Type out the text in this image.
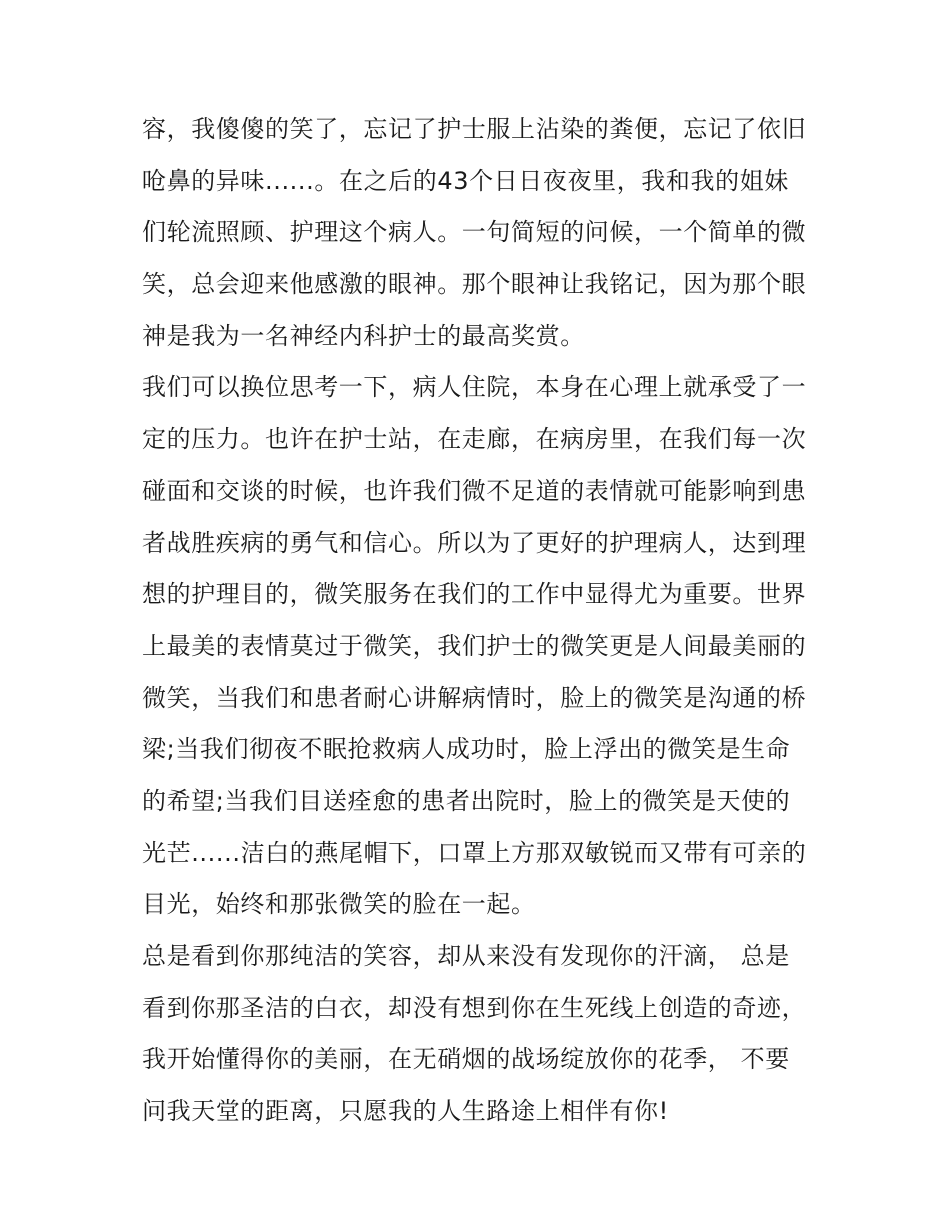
容，我傻傻的笑了，忘记了护士服上沾染的粪便，忘记了依旧
呛鼻的异味......。在之后的43个日日夜夜里，我和我的姐妹
们轮流照顾、护理这个病人。一句简短的问候，一个简单的微
笑，总会迎来他感激的眼神。那个眼神让我铭记，因为那个眼
神是我为一名神经内科护士的最高奖赏。
我们可以换位思考一下，病人住院，本身在心理上就承受了一
定的压力。也许在护士站，在走廊，在病房里，在我们每一次
碰面和交谈的时候，也许我们微不足道的表情就可能影响到患
者战胜疾病的勇气和信心。所以为了更好的护理病人，达到理
想的护理目的，微笑服务在我们的工作中显得尤为重要。世界
上最美的表情莫过于微笑，我们护士的微笑更是人间最美丽的
微笑，当我们和患者耐心讲解病情时，脸上的微笑是沟通的桥
梁;当我们彻夜不眠抢救病人成功时，脸上浮出的微笑是生命
的希望;当我们目送痊愈的患者出院时，脸上的微笑是天使的
光芒......洁白的燕尾帽下，口罩上方那双敏锐而又带有可亲的
目光，始终和那张微笑的脸在一起。
总是看到你那纯洁的笑容，却从来没有发现你的汗滴， 总是
看到你那圣洁的白衣，却没有想到你在生死线上创造的奇迹，
我开始懂得你的美丽，在无硝烟的战场绽放你的花季， 不要
问我天堂的距离，只愿我的人生路途上相伴有你!
